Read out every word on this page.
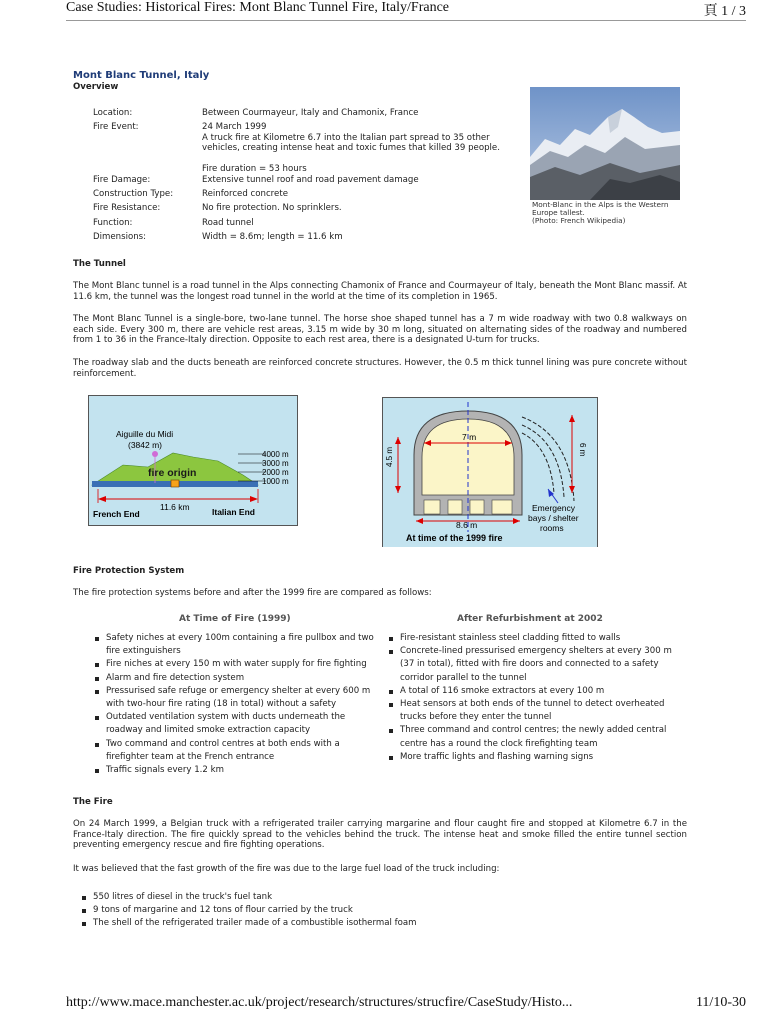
Case Studies: Historical Fires: Mont Blanc Tunnel Fire, Italy/France	頁 1 / 3
http://www.mace.manchester.ac.uk/project/research/structures/strucfire/CaseStudy/Histo...	11/10-30
Mont Blanc Tunnel, Italy
Overview
Location:	Between Courmayeur, Italy and Chamonix, France
Fire Event:	24 March 1999
A truck fire at Kilometre 6.7 into the Italian part spread to 35 other vehicles, creating intense heat and toxic fumes that killed 39 people.

Fire duration = 53 hours
Fire Damage:	Extensive tunnel roof and road pavement damage
Construction Type:	Reinforced concrete
Fire Resistance:	No fire protection. No sprinklers.
Function:	Road tunnel
Dimensions:	Width = 8.6m; length = 11.6 km
Mont-Blanc in the Alps is the Western Europe tallest.
(Photo: French Wikipedia)
The Tunnel
The Mont Blanc tunnel is a road tunnel in the Alps connecting Chamonix of France and Courmayeur of Italy, beneath the Mont Blanc massif. At 11.6 km, the tunnel was the longest road tunnel in the world at the time of its completion in 1965.
The Mont Blanc Tunnel is a single-bore, two-lane tunnel. The horse shoe shaped tunnel has a 7 m wide roadway with two 0.8 walkways on each side. Every 300 m, there are vehicle rest areas, 3.15 m wide by 30 m long, situated on alternating sides of the roadway and numbered from 1 to 36 in the France-Italy direction. Opposite to each rest area, there is a designated U-turn for trucks.
The roadway slab and the ducts beneath are reinforced concrete structures. However, the 0.5 m thick tunnel lining was pure concrete without reinforcement.
Aiguille du Midi
(3842 m)
fire origin
4000 m
3000 m
2000 m
1000 m
11.6 km
French End	Italian End
4.5 m	6 m
7 m
8.6 m
Emergency bays / shelter rooms
At time of the 1999 fire
Fire Protection System
The fire protection systems before and after the 1999 fire are compared as follows:
At Time of Fire (1999)	After Refurbishment at 2002
Safety niches at every 100m containing a fire pullbox and two fire extinguishers
Fire niches at every 150 m with water supply for fire fighting
Alarm and fire detection system
Pressurised safe refuge or emergency shelter at every 600 m with two-hour fire rating (18 in total) without a safety
Outdated ventilation system with ducts underneath the roadway and limited smoke extraction capacity
Two command and control centres at both ends with a firefighter team at the French entrance
Traffic signals every 1.2 km
Fire-resistant stainless steel cladding fitted to walls
Concrete-lined pressurised emergency shelters at every 300 m (37 in total), fitted with fire doors and connected to a safety corridor parallel to the tunnel
A total of 116 smoke extractors at every 100 m
Heat sensors at both ends of the tunnel to detect overheated trucks before they enter the tunnel
Three command and control centres; the newly added central centre has a round the clock firefighting team
More traffic lights and flashing warning signs
The Fire
On 24 March 1999, a Belgian truck with a refrigerated trailer carrying margarine and flour caught fire and stopped at Kilometre 6.7 in the France-Italy direction. The fire quickly spread to the vehicles behind the truck. The intense heat and smoke filled the entire tunnel section preventing emergency rescue and fire fighting operations.
It was believed that the fast growth of the fire was due to the large fuel load of the truck including:
550 litres of diesel in the truck's fuel tank
9 tons of margarine and 12 tons of flour carried by the truck
The shell of the refrigerated trailer made of a combustible isothermal foam
